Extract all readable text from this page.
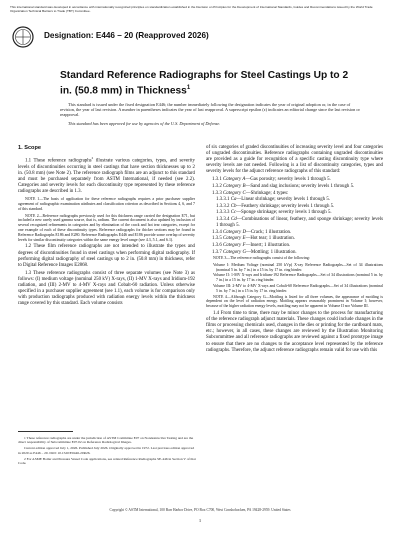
This international standard was developed in accordance with internationally recognized principles on standardization established in the Decision on Principles for the Development of International Standards, Guides and Recommendations issued by the World Trade Organization Technical Barriers to Trade (TBT) Committee.
Designation: E446 – 20 (Reapproved 2026)
Standard Reference Radiographs for Steel Castings Up to 2 in. (50.8 mm) in Thickness$^1$

This standard is issued under the fixed designation E446; the number immediately following the designation indicates the year of original adoption or, in the case of revision, the year of last revision. A number in parentheses indicates the year of last reapproval. A superscript epsilon (ε) indicates an editorial change since the last revision or reapproval.

This standard has been approved for use by agencies of the U.S. Department of Defense.

1. Scope

1.1 These reference radiographs$^2$ illustrate various categories, types, and severity levels of discontinuities occurring in steel castings that have section thicknesses up to 2 in. (50.8 mm) (see Note 2). The reference radiograph films are an adjunct to this standard and must be purchased separately from ASTM International, if needed (see 2.2). Categories and severity levels for each discontinuity type represented by these reference radiographs are described in 1.3.

NOTE 1—The basis of application for these reference radiographs requires a prior purchaser supplier agreement of radiographic examination attributes and classification criterion as described in Sections 4, 6, and 7 of this standard.

NOTE 2—Reference radiographs previously used for this thickness range carried the designation E71, but included a new rarely used gamma source, that is, radium. The current document is also updated by inclusion of several recognized refinements in categories and by elimination of the crack and hot tear categories, except for one example of each of these discontinuity types. Reference radiographs for thicker sections may be found in Reference Radiographs E186 and E280. Reference Radiographs E446 and E186 provide some overlap of severity levels for similar discontinuity categories within the same energy level range (see 4.3, 5.1, and 6.1).

1.2 These film reference radiographs are not intended to illustrate the types and degrees of discontinuities found in steel castings when performing digital radiography. If performing digital radiography of steel castings up to 2 in. (50.8 mm) in thickness, refer to Digital Reference Images E2868.

1.3 These reference radiographs consist of three separate volumes (see Note 3) as follows: (I) medium voltage (nominal 250 kV) X-rays, (II) 1-MV X-rays and Iridium-192 radiation, and (III) 2-MV to 4-MV X-rays and Cobalt-60 radiation. Unless otherwise specified in a purchaser supplier agreement (see 1.1), each volume is for comparison only with production radiographs produced with radiation energy levels within the thickness range covered by this standard. Each volume consists

1 These reference radiographs are under the jurisdiction of ASTM Committee E07 on Nondestructive Testing and are the direct responsibility of Subcommittee E07.02 on Reference Radiological Images.

Current edition approved July 1, 2026. Published July 2026. Originally approved in 1972. Last previous edition approved in 2020 as E446 – 20. DOI: 10.1520/E0446-20R26.

2 For ASME Boiler and Pressure Vessel Code applications, see related Reference Radiographs SE-446 in Section V of that Code.

of six categories of graded discontinuities of increasing severity level and four categories of ungraded discontinuities. Reference radiographs containing ungraded discontinuities are provided as a guide for recognition of a specific casting discontinuity type where severity levels are not needed. Following is a list of discontinuity categories, types and severity levels for the adjunct reference radiographs of this standard:

1.3.1 Category A—Gas porosity; severity levels 1 through 5.
1.3.2 Category B—Sand and slag inclusions; severity levels 1 through 5.
1.3.3 Category C—Shrinkage; 4 types:
1.3.3.1 Ca—Linear shrinkage; severity levels 1 through 5.
1.3.3.2 Cb—Feathery shrinkage; severity levels 1 through 5.
1.3.3.3 Cc—Sponge shrinkage; severity levels 1 through 5.
1.3.3.4 Cd—Combinations of linear, feathery, and sponge shrinkage; severity levels 1 through 5.
1.3.4 Category D—Crack; 1 illustration.
1.3.5 Category E—Hot tear; 1 illustration.
1.3.6 Category F—Insert; 1 illustration.
1.3.7 Category G—Mottling; 1 illustration.

NOTE 3—The reference radiographs consist of the following:

Volume I: Medium Voltage (nominal 250 kVp) X-ray Reference Radiographs—Set of 34 illustrations (nominal 5 in. by 7 in.) in a 15 in. by 17 in. ring binder.
Volume II: 1-MV X-rays and Iridium-192 Reference Radiographs—Set of 34 illustrations (nominal 5 in. by 7 in.) in a 15 in. by 17 in. ring binder.
Volume III: 2-MV to 4-MV X-rays and Cobalt-60 Reference Radiographs—Set of 34 illustrations (nominal 5 in. by 7 in.) in a 15 in. by 17 in. ring binder.

NOTE 4—Although Category G—Mottling is listed for all three volumes, the appearance of mottling is dependent on the level of radiation energy. Mottling appears reasonably prominent in Volume I; however, because of the higher radiation energy levels, mottling may not be apparent in Volume II nor Volume III.

1.4 From time to time, there may be minor changes to the process for manufacturing of the reference radiograph adjunct materials. These changes could include changes in the films or processing chemicals used, changes in the dies or printing for the cardboard mats, etc.; however, in all cases, these changes are reviewed by the Illustration Monitoring Subcommittee and all reference radiographs are reviewed against a fixed prototype image to ensure that there are no changes to the acceptance level represented by the reference radiographs. Therefore, the adjunct reference radiographs remain valid for use with this

Copyright © ASTM International, 100 Barr Harbor Drive, PO Box C700, West Conshohocken, PA 19428-2959. United States
1
